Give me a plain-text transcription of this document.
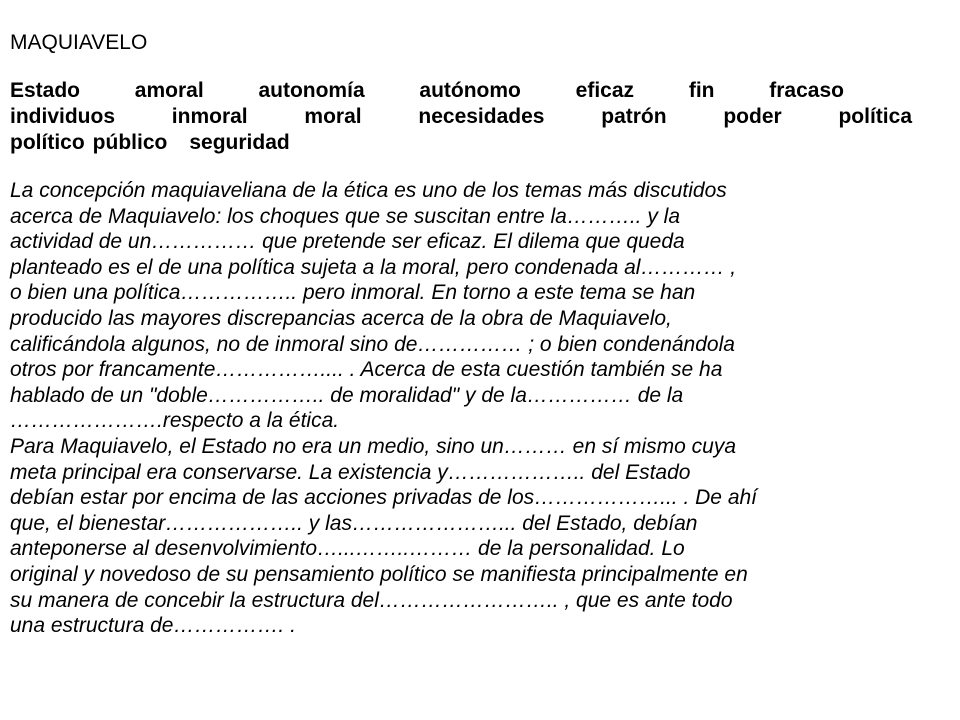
MAQUIAVELO
Estado	amoral	autonomía	autónomo	eficaz	fin	fracaso
individuos	inmoral	moral	necesidades	patrón	poder	política
político público seguridad
La concepción maquiaveliana de la ética es uno de los temas más discutidos
acerca de Maquiavelo: los choques que se suscitan entre la……….. y la
actividad de un…………… que pretende ser eficaz. El dilema que queda
planteado es el de una política sujeta a la moral, pero condenada al………… ,
o bien una política…………….. pero inmoral. En torno a este tema se han
producido las mayores discrepancias acerca de la obra de Maquiavelo,
calificándola algunos, no de inmoral sino de…………… ; o bien condenándola
otros por francamente…………….... . Acerca de esta cuestión también se ha
hablado de un "doble…………….. de moralidad" y de la…………… de la
………………….respecto a la ética.
Para Maquiavelo, el Estado no era un medio, sino un……… en sí mismo cuya
meta principal era conservarse. La existencia y……………….. del Estado
debían estar por encima de las acciones privadas de los………………... . De ahí
que, el bienestar……………….. y las…………………... del Estado, debían
anteponerse al desenvolvimiento…...……..……… de la personalidad. Lo
original y novedoso de su pensamiento político se manifiesta principalmente en
su manera de concebir la estructura del…………………….. , que es ante todo
una estructura de……………. .
